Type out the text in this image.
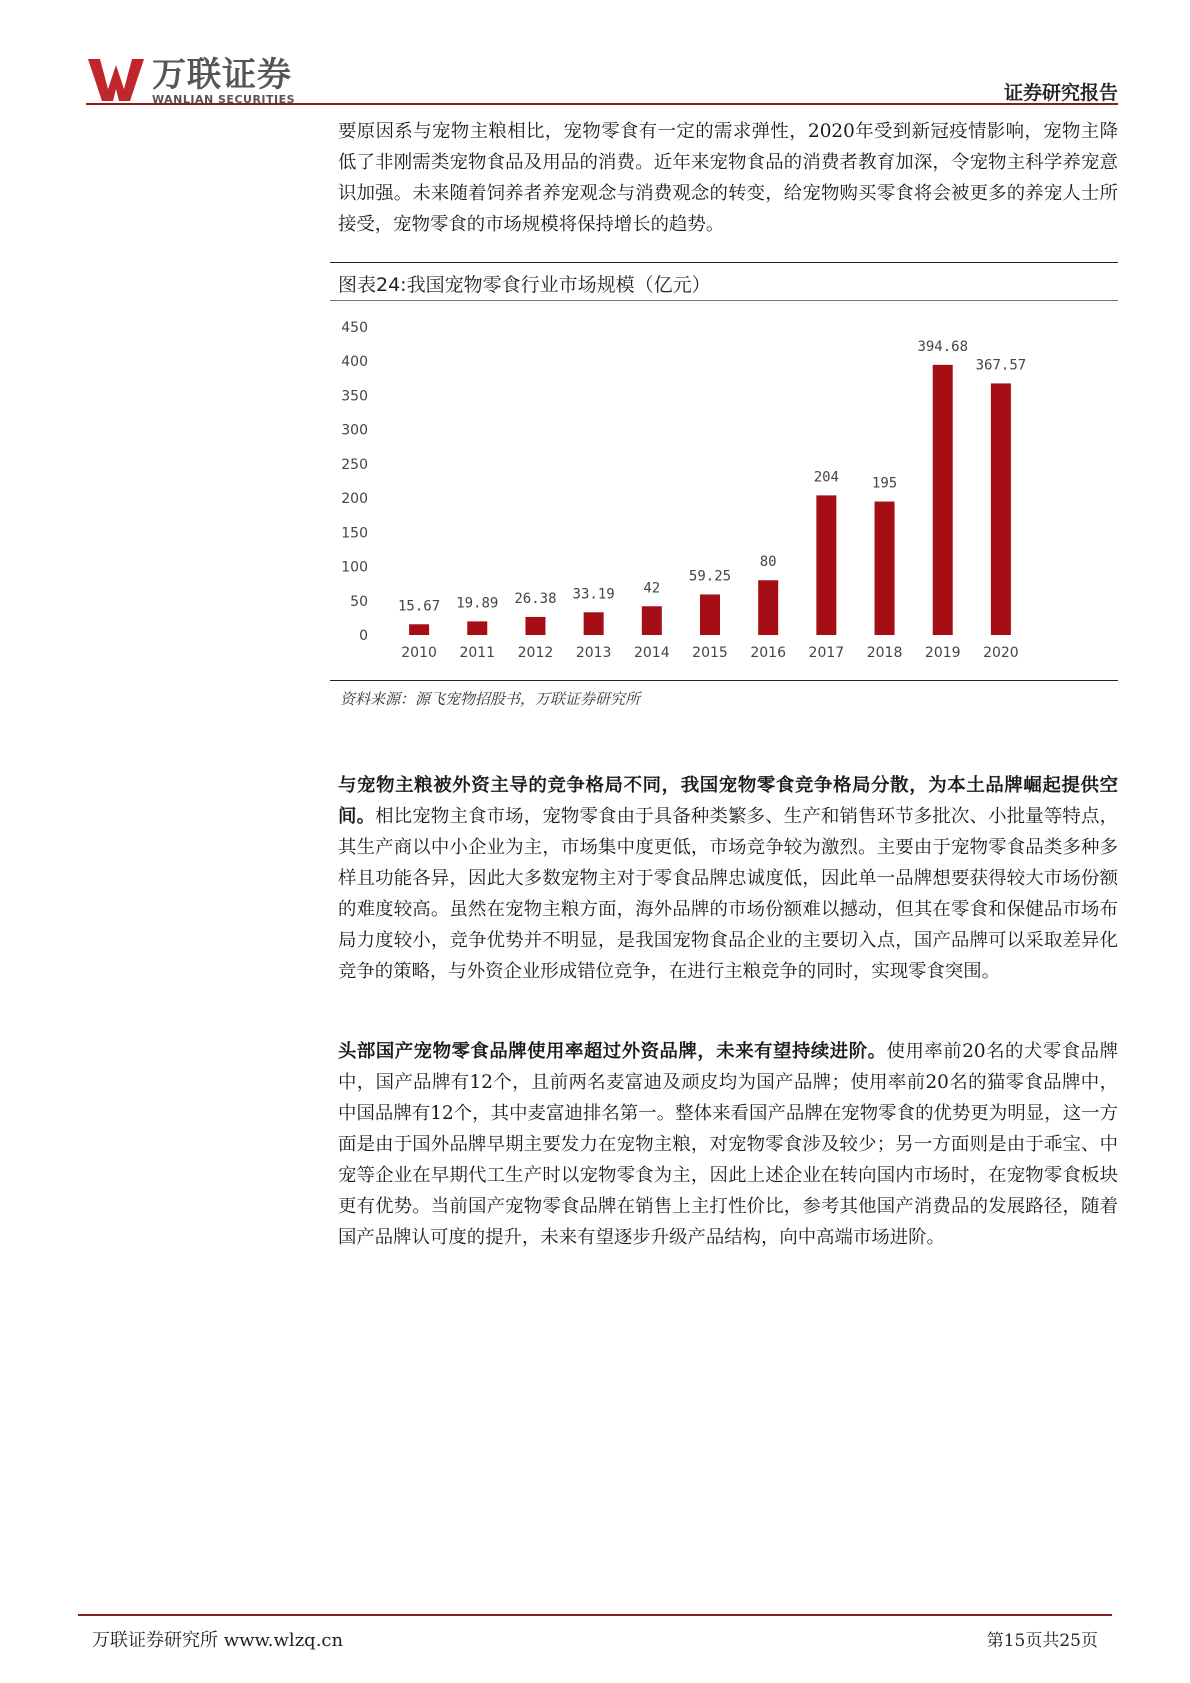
万联证券
WANLIAN SECURITIES	证券研究报告

要原因系与宠物主粮相比，宠物零食有一定的需求弹性，2020年受到新冠疫情影响，宠物主降低了非刚需类宠物食品及用品的消费。近年来宠物食品的消费者教育加深，令宠物主科学养宠意识加强。未来随着饲养者养宠观念与消费观念的转变，给宠物购买零食将会被更多的养宠人士所接受，宠物零食的市场规模将保持增长的趋势。

图表24:我国宠物零食行业市场规模（亿元）
0
50
100
150
200
250
300
350
400
450
15.67 19.89 26.38 33.19 42
59.25
80
204 195
394.68
367.57
2010 2011 2012 2013 2014 2015 2016 2017 2018 2019 2020
资料来源：源飞宠物招股书，万联证券研究所

与宠物主粮被外资主导的竞争格局不同，我国宠物零食竞争格局分散，为本土品牌崛起提供空间。相比宠物主食市场，宠物零食由于具备种类繁多、生产和销售环节多批次、小批量等特点，其生产商以中小企业为主，市场集中度更低，市场竞争较为激烈。主要由于宠物零食品类多种多样且功能各异，因此大多数宠物主对于零食品牌忠诚度低，因此单一品牌想要获得较大市场份额的难度较高。虽然在宠物主粮方面，海外品牌的市场份额难以撼动，但其在零食和保健品市场布局力度较小，竞争优势并不明显，是我国宠物食品企业的主要切入点，国产品牌可以采取差异化竞争的策略，与外资企业形成错位竞争，在进行主粮竞争的同时，实现零食突围。

头部国产宠物零食品牌使用率超过外资品牌，未来有望持续进阶。使用率前20名的犬零食品牌中，国产品牌有12个，且前两名麦富迪及顽皮均为国产品牌；使用率前20名的猫零食品牌中，中国品牌有12个，其中麦富迪排名第一。整体来看国产品牌在宠物零食的优势更为明显，这一方面是由于国外品牌早期主要发力在宠物主粮，对宠物零食涉及较少；另一方面则是由于乖宝、中宠等企业在早期代工生产时以宠物零食为主，因此上述企业在转向国内市场时，在宠物零食板块更有优势。当前国产宠物零食品牌在销售上主打性价比，参考其他国产消费品的发展路径，随着国产品牌认可度的提升，未来有望逐步升级产品结构，向中高端市场进阶。

万联证券研究所 www.wlzq.cn	第15页共25页
